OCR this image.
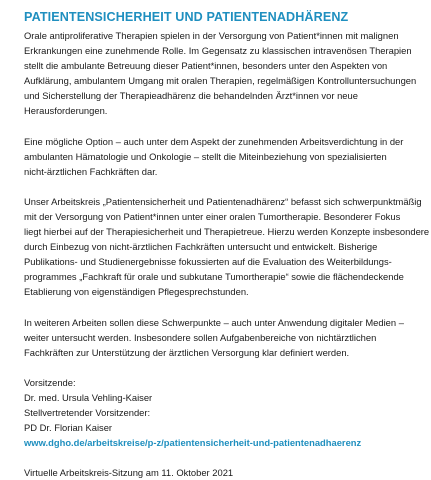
PATIENTENSICHERHEIT UND PATIENTENADHÄRENZ
Orale antiproliferative Therapien spielen in der Versorgung von Patient*innen mit malignen
Erkrankungen eine zunehmende Rolle. Im Gegensatz zu klassischen intravenösen Therapien
stellt die ambulante Betreuung dieser Patient*innen, besonders unter den Aspekten von
Aufklärung, ambulantem Umgang mit oralen Therapien, regelmäßigen Kontrolluntersuchungen
und Sicherstellung der Therapieadhärenz die behandelnden Ärzt*innen vor neue
Herausforderungen.
Eine mögliche Option – auch unter dem Aspekt der zunehmenden Arbeitsverdichtung in der
ambulanten Hämatologie und Onkologie – stellt die Miteinbeziehung von spezialisierten
nicht-ärztlichen Fachkräften dar.
Unser Arbeitskreis „Patientensicherheit und Patientenadhärenz“ befasst sich schwerpunktmäßig
mit der Versorgung von Patient*innen unter einer oralen Tumortherapie. Besonderer Fokus
liegt hierbei auf der Therapiesicherheit und Therapietreue. Hierzu werden Konzepte insbesondere
durch Einbezug von nicht-ärztlichen Fachkräften untersucht und entwickelt. Bisherige
Publikations- und Studienergebnisse fokussierten auf die Evaluation des Weiterbildungs-
programmes „Fachkraft für orale und subkutane Tumortherapie“ sowie die flächendeckende
Etablierung von eigenständigen Pflegesprechstunden.
In weiteren Arbeiten sollen diese Schwerpunkte – auch unter Anwendung digitaler Medien –
weiter untersucht werden. Insbesondere sollen Aufgabenbereiche von nichtärztlichen
Fachkräften zur Unterstützung der ärztlichen Versorgung klar definiert werden.
Vorsitzende:
Dr. med. Ursula Vehling-Kaiser
Stellvertretender Vorsitzender:
PD Dr. Florian Kaiser
www.dgho.de/arbeitskreise/p-z/patientensicherheit-und-patientenadhaerenz
Virtuelle Arbeitskreis-Sitzung am 11. Oktober 2021
